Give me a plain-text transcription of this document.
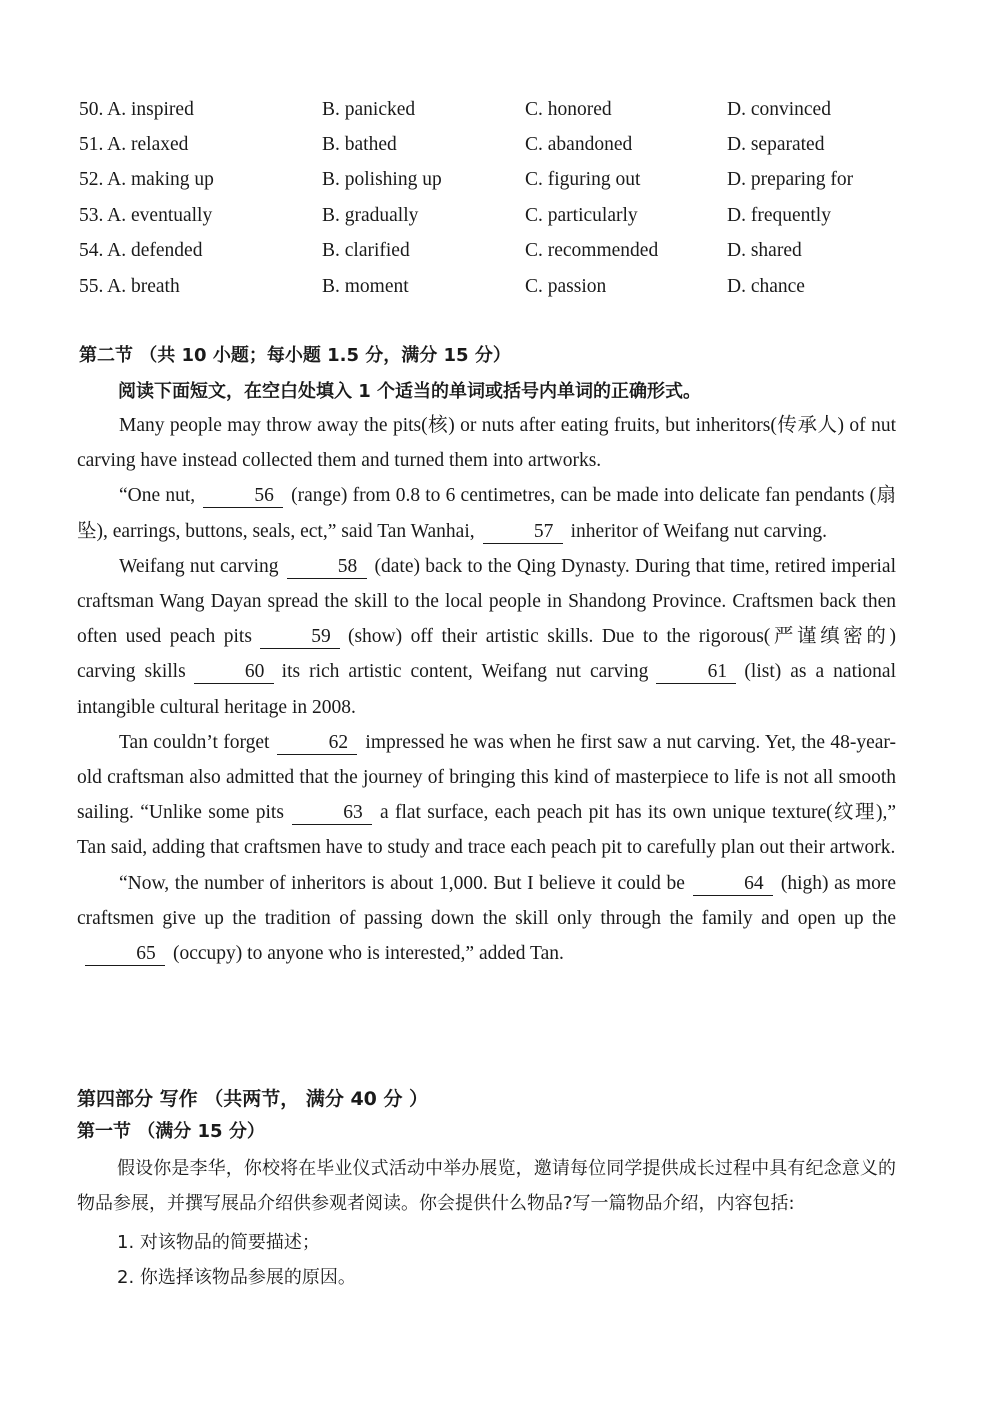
50. A. inspired	B. panicked	C. honored	D. convinced
51. A. relaxed	B. bathed	C. abandoned	D. separated
52. A. making up	B. polishing up	C. figuring out	D. preparing for
53. A. eventually	B. gradually	C. particularly	D. frequently
54. A. defended	B. clarified	C. recommended	D. shared
55. A. breath	B. moment	C. passion	D. chance
第二节 （共 10 小题；每小题 1.5 分，满分 15 分）
阅读下面短文，在空白处填入 1 个适当的单词或括号内单词的正确形式。

Many people may throw away the pits(核) or nuts after eating fruits, but inheritors(传承人) of nut carving have instead collected them and turned them into artworks.

“One nut,	56 (range) from 0.8 to 6 centimetres, can be made into delicate fan pendants (扇坠), earrings, buttons, seals, ect,” said Tan Wanhai,	57 inheritor of Weifang nut carving.

Weifang nut carving	58 (date) back to the Qing Dynasty. During that time, retired imperial craftsman Wang Dayan spread the skill to the local people in Shandong Province. Craftsmen back then often used peach pits	59 (show) off their artistic skills. Due to the rigorous(严谨缜密的) carving skills	60 its rich artistic content, Weifang nut carving	61 (list) as a national intangible cultural heritage in 2008.

Tan couldn’t forget	62 impressed he was when he first saw a nut carving. Yet, the 48-year-old craftsman also admitted that the journey of bringing this kind of masterpiece to life is not all smooth sailing. “Unlike some pits	63 a flat surface, each peach pit has its own unique texture(纹理),” Tan said, adding that craftsmen have to study and trace each peach pit to carefully plan out their artwork.

“Now, the number of inheritors is about 1,000. But I believe it could be	64 (high) as more craftsmen give up the tradition of passing down the skill only through the family and open up the65 (occupy) to anyone who is interested,” added Tan.

第四部分 写作 （共两节， 满分 40 分 ）
第一节 （满分 15 分）

假设你是李华，你校将在毕业仪式活动中举办展览，邀请每位同学提供成长过程中具有纪念意义的物品参展，并撰写展品介绍供参观者阅读。你会提供什么物品?写一篇物品介绍，内容包括:

1. 对该物品的简要描述；
2. 你选择该物品参展的原因。
